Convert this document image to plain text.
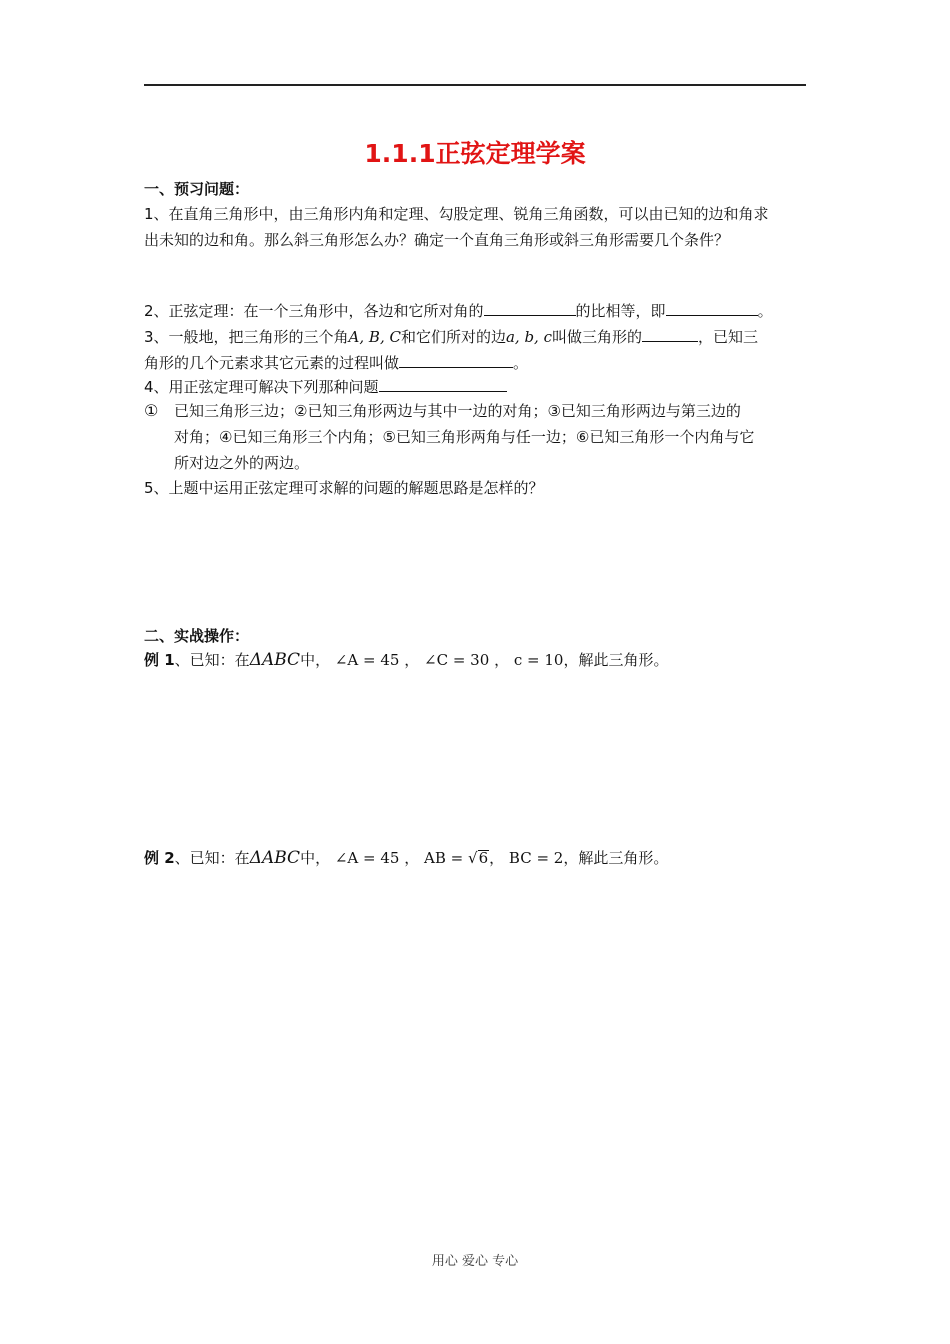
1.1.1正弦定理学案
一、预习问题：
1、在直角三角形中，由三角形内角和定理、勾股定理、锐角三角函数，可以由已知的边和角求
出未知的边和角。那么斜三角形怎么办？确定一个直角三角形或斜三角形需要几个条件？
2、正弦定理：在一个三角形中，各边和它所对角的	的比相等，即	。
3、一般地，把三角形的三个角A, B, C和它们所对的边a, b, c叫做三角形的	，已知三
角形的几个元素求其它元素的过程叫做	。
4、用正弦定理可解决下列那种问题
① 已知三角形三边；②已知三角形两边与其中一边的对角；③已知三角形两边与第三边的
对角；④已知三角形三个内角；⑤已知三角形两角与任一边；⑥已知三角形一个内角与它
所对边之外的两边。
5、上题中运用正弦定理可求解的问题的解题思路是怎样的？
二、实战操作：
例 1、已知：在ΔABC中， ∠A = 45 ， ∠C = 30 ， c = 10，解此三角形。
例 2、已知：在ΔABC中， ∠A = 45 ， AB = √6， BC = 2，解此三角形。
用心 爱心 专心
